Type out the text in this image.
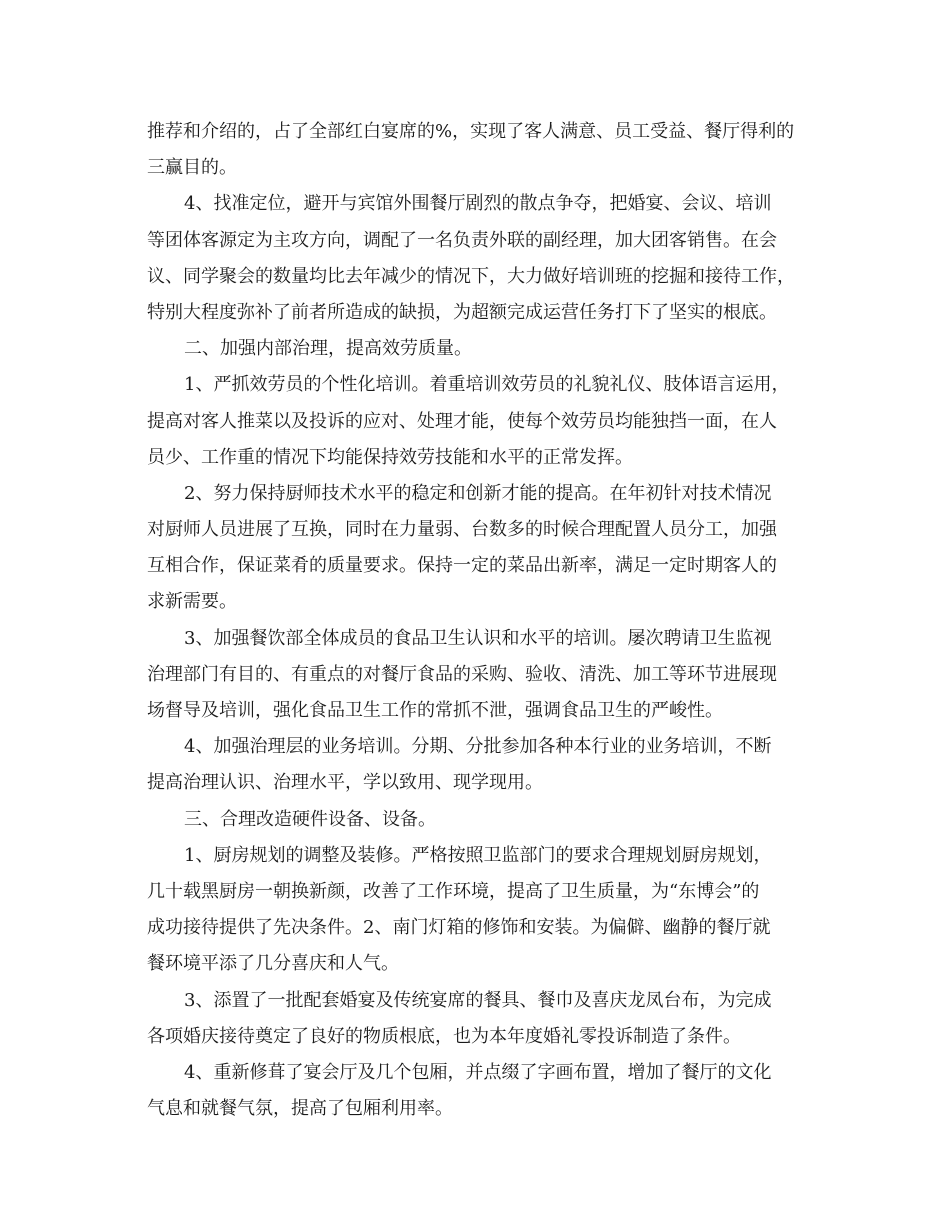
推荐和介绍的，占了全部红白宴席的%，实现了客人满意、员工受益、餐厅得利的
三赢目的。
4、找准定位，避开与宾馆外围餐厅剧烈的散点争夺，把婚宴、会议、培训
等团体客源定为主攻方向，调配了一名负责外联的副经理，加大团客销售。在会
议、同学聚会的数量均比去年减少的情况下，大力做好培训班的挖掘和接待工作，
特别大程度弥补了前者所造成的缺损，为超额完成运营任务打下了坚实的根底。
二、加强内部治理，提高效劳质量。
1、严抓效劳员的个性化培训。着重培训效劳员的礼貌礼仪、肢体语言运用，
提高对客人推菜以及投诉的应对、处理才能，使每个效劳员均能独挡一面，在人
员少、工作重的情况下均能保持效劳技能和水平的正常发挥。
2、努力保持厨师技术水平的稳定和创新才能的提高。在年初针对技术情况
对厨师人员进展了互换，同时在力量弱、台数多的时候合理配置人员分工，加强
互相合作，保证菜肴的质量要求。保持一定的菜品出新率，满足一定时期客人的
求新需要。
3、加强餐饮部全体成员的食品卫生认识和水平的培训。屡次聘请卫生监视
治理部门有目的、有重点的对餐厅食品的采购、验收、清洗、加工等环节进展现
场督导及培训，强化食品卫生工作的常抓不泄，强调食品卫生的严峻性。
4、加强治理层的业务培训。分期、分批参加各种本行业的业务培训，不断
提高治理认识、治理水平，学以致用、现学现用。
三、合理改造硬件设备、设备。
1、厨房规划的调整及装修。严格按照卫监部门的要求合理规划厨房规划，
几十载黑厨房一朝换新颜，改善了工作环境，提高了卫生质量，为“东博会”的
成功接待提供了先决条件。2、南门灯箱的修饰和安装。为偏僻、幽静的餐厅就
餐环境平添了几分喜庆和人气。
3、添置了一批配套婚宴及传统宴席的餐具、餐巾及喜庆龙凤台布，为完成
各项婚庆接待奠定了良好的物质根底，也为本年度婚礼零投诉制造了条件。
4、重新修葺了宴会厅及几个包厢，并点缀了字画布置，增加了餐厅的文化
气息和就餐气氛，提高了包厢利用率。
